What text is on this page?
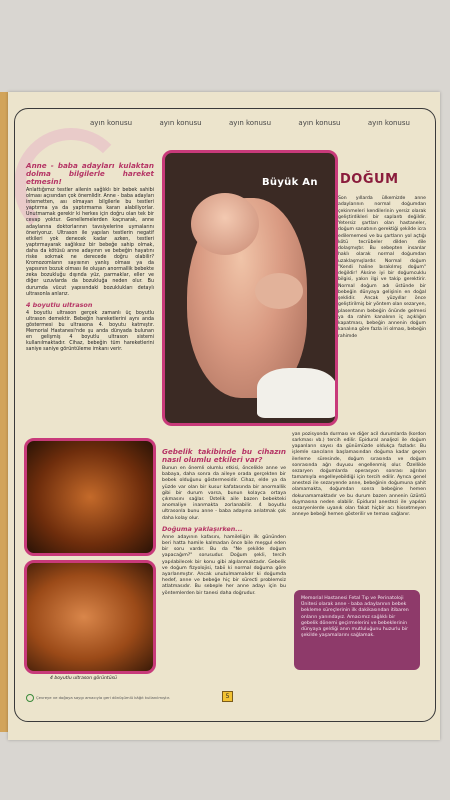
ayın konusu	ayın konusu	ayın konusu	ayın konusu	ayın konusu

Anne - baba adayları kulaktan dolma bilgilerle hareket etmesin!

Anlattığımız testler ailenin sağlıklı bir bebek sahibi olması açısından çok önemlidir. Anne - baba adayları internetten, ası olmayan bilgilerle bu testleri yaptırma ya da yaptırmama kararı alabiliyorlar. Unutmamak gerekir ki herkes için doğru olan tek bir cevap yoktur. Genellemelerden kaçınarak, anne adaylarına doktorlarının tavsiyelerine uymalarını öneriyoruz. Ultrason ile yapılan testlerin negatif etkileri yok denecek kadar azken, testleri yaptırmayarak sağlıksız bir bebeğe sahip olmak, daha da kötüsü anne adayının ve bebeğin hayatını riske sokmak ne derecede doğru olabilir? Kromozomların sayısının yanlış olması ya da yapısının bozuk olması ile oluşan anormallik bebekte zeka bozukluğu dışında yüz, parmaklar, eller ve diğer uzuvlarda da bozukluğa neden olur. Bu durumda vücut yapısındaki bozuklukları detaylı ultrasonla anlarız.

4 boyutlu ultrason

4 boyutlu ultrason gerçek zamanlı üç boyutlu ultrason demektir. Bebeğin hareketlerini aynı anda göstermesi bu ultrasona 4. boyutu katmıştır. Memorial Hastanesi'nde şu anda dünyada bulunan en gelişmiş 4 boyutlu ultrason sistemi kullanılmaktadır. Cihaz, bebeğin tüm hareketlerini saniye saniye görüntüleme imkanı verir.

Büyük An DOĞUM

Son yıllarda ülkemizde anne adaylarının normal doğumdan çekinmeleri kendilerinin yersiz olarak geliştirdikleri bir saplantı değildir. Yetersiz şartları olan hastaneler, doğum sanatının gerektiği şekilde icra edilememesi ve bu şartların yol açtığı kötü tecrübeler dilden dile dolaşmıştır. Bu sebepten insanlar haklı olarak normal doğumdan uzaklaşmışlardır. Normal doğum "Kendi haline bırakılmış doğum" değildir! Aksine iyi bir doğumcuklu bilgisi, yakın ilgi ve takip gerektirir. Normal doğum adı üstünde bir bebeğin dünyaya gelişinin en doğal şeklidir. Ancak yüzyıllar önce geliştirilmiş bir yöntem olan sezaryen, plasentanın bebeğin önünde gelmesi ya da rahim kanalının iç açıklığın kapatması, bebeğin annenin doğum kanalına göre fazla iri olması, bebeğin rahimde

yan pozisyonda durması ve diğer acil durumlarda (kordon sarkması vb.) tercih edilir. Epidural analjezi ile doğum yapanların sayısı da günümüzde oldukça fazladır. Bu işlemle sancıların başlamasından doğuma kadar geçen ilerleme süresinde, doğum sırasında ve doğum sonrasında ağrı duyusu engellenmiş olur. Özellikle sezaryen doğumlarda operasyon sonrası ağrıları tamamıyla engelleyebildiği için tercih edilir. Ayrıca genel anestezi ile sezaryende anne, bebeğinin doğumuna şahit olamamakta, doğumdan sonra bebeğine hemen dokunamamaktadır ve bu durum bazen annenin üzüntü duymasına neden olabilir. Epidural anestezi ile yapılan sezaryenlerde uyanık olan fakat hiçbir acı hissetmeyen anneye bebeği hemen gösterilir ve teması sağlanır.

4 boyutlu ultrason görüntüsü

Gebelik takibinde bu cihazın nasıl olumlu etkileri var?

Bunun en önemli olumlu etkisi, öncelikle anne ve babaya, daha sonra da aileye orada gerçekten bir bebek olduğunu göstermesidir. Cihaz, elde ya da yüzde var olan bir kusur kafatasında bir anormallik gibi bir durum varsa, bunun kolayca ortaya çıkmasını sağlar. Üstelik aile bazen bebekteki anomaliye inanmakta zorlanabilir. 4 boyutlu ultrasonla bunu anne - baba adayına anlatmak çok daha kolay olur.

Doğuma yaklaşırken...

Anne adayının kafasını, hamileliğin ilk gününden beri hatta hamile kalmadan önce bile meşgul eden bir soru vardır. Bu da "Ne şekilde doğum yapacağım?" sorusudur. Doğum şekli, tercih yapılabilecek bir konu gibi algılanmaktadır. Gebelik ve doğum fizyolojisi, tabii ki normal doğuma göre ayarlanmıştır. Ancak unutulmamalıdır ki doğumda hedef, anne ve bebeğe hiç bir sürecti problemsiz atlatmasıdır. Bu sebeple her anne adayı için bu yöntemlerden bir tanesi daha doğrudur.

Memorial Hastanesi Fetal Tıp ve Perinatoloji Ünitesi olarak anne - baba adaylarının bebek bekleme süreçlerinin ilk dakikasından itibaren onların yanındayız. Amacımız sağlıklı bir gebelik dönemi geçirmelerini ve bebeklerinin dünyaya geldiği anın mutluluğunu huzurlu bir şekilde yaşamalarını sağlamak.
Çevreye ve doğaya saygı amacıyla geri dönüşümlü kâğıt kullanılmıştır.	5
